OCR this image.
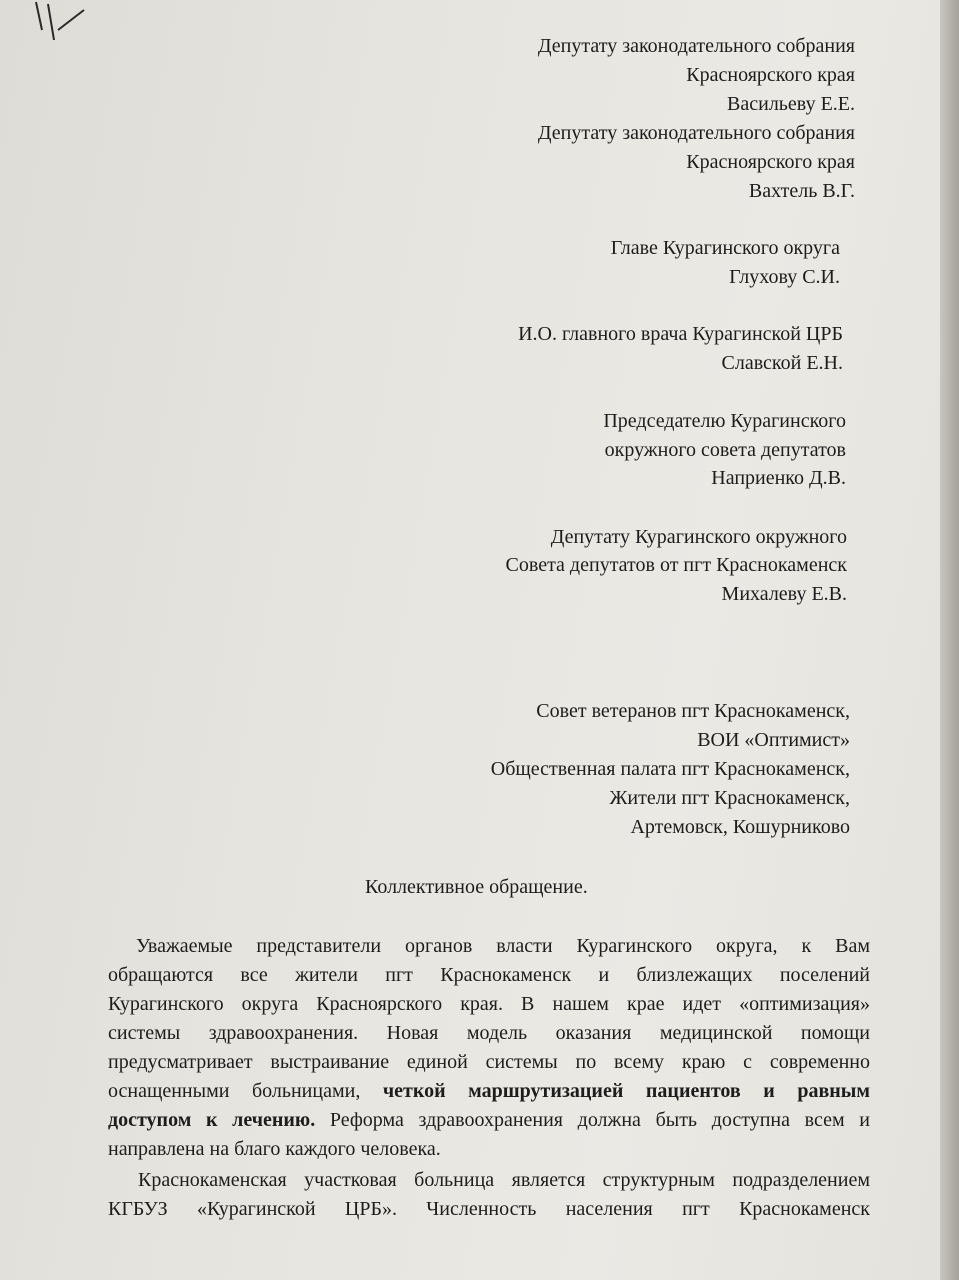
Депутату законодательного собрания

Красноярского края

Васильеву Е.Е.

Депутату законодательного собрания

Красноярского края

Вахтель В.Г.

Главе Курагинского округа

Глухову С.И.

И.О. главного врача Курагинской ЦРБ

Славской Е.Н.

Председателю Курагинского

окружного совета депутатов

Наприенко Д.В.

Депутату Курагинского окружного

Совета депутатов от пгт Краснокаменск

Михалеву Е.В.

Совет ветеранов пгт Краснокаменск,

ВОИ «Оптимист»

Общественная палата пгт Краснокаменск,

Жители пгт Краснокаменск,

Артемовск, Кошурниково

Коллективное обращение.

Уважаемые представители органов власти Курагинского округа, к Вам
обращаются все жители пгт Краснокаменск и близлежащих поселений
Курагинского округа Красноярского края. В нашем крае идет «оптимизация»
системы здравоохранения. Новая модель оказания медицинской помощи
предусматривает выстраивание единой системы по всему краю с современно
оснащенными больницами, четкой маршрутизацией пациентов и равным
доступом к лечению. Реформа здравоохранения должна быть доступна всем и
направлена на благо каждого человека.
Краснокаменская участковая больница является структурным подразделением
КГБУЗ «Курагинской ЦРБ». Численность населения пгт Краснокаменск
